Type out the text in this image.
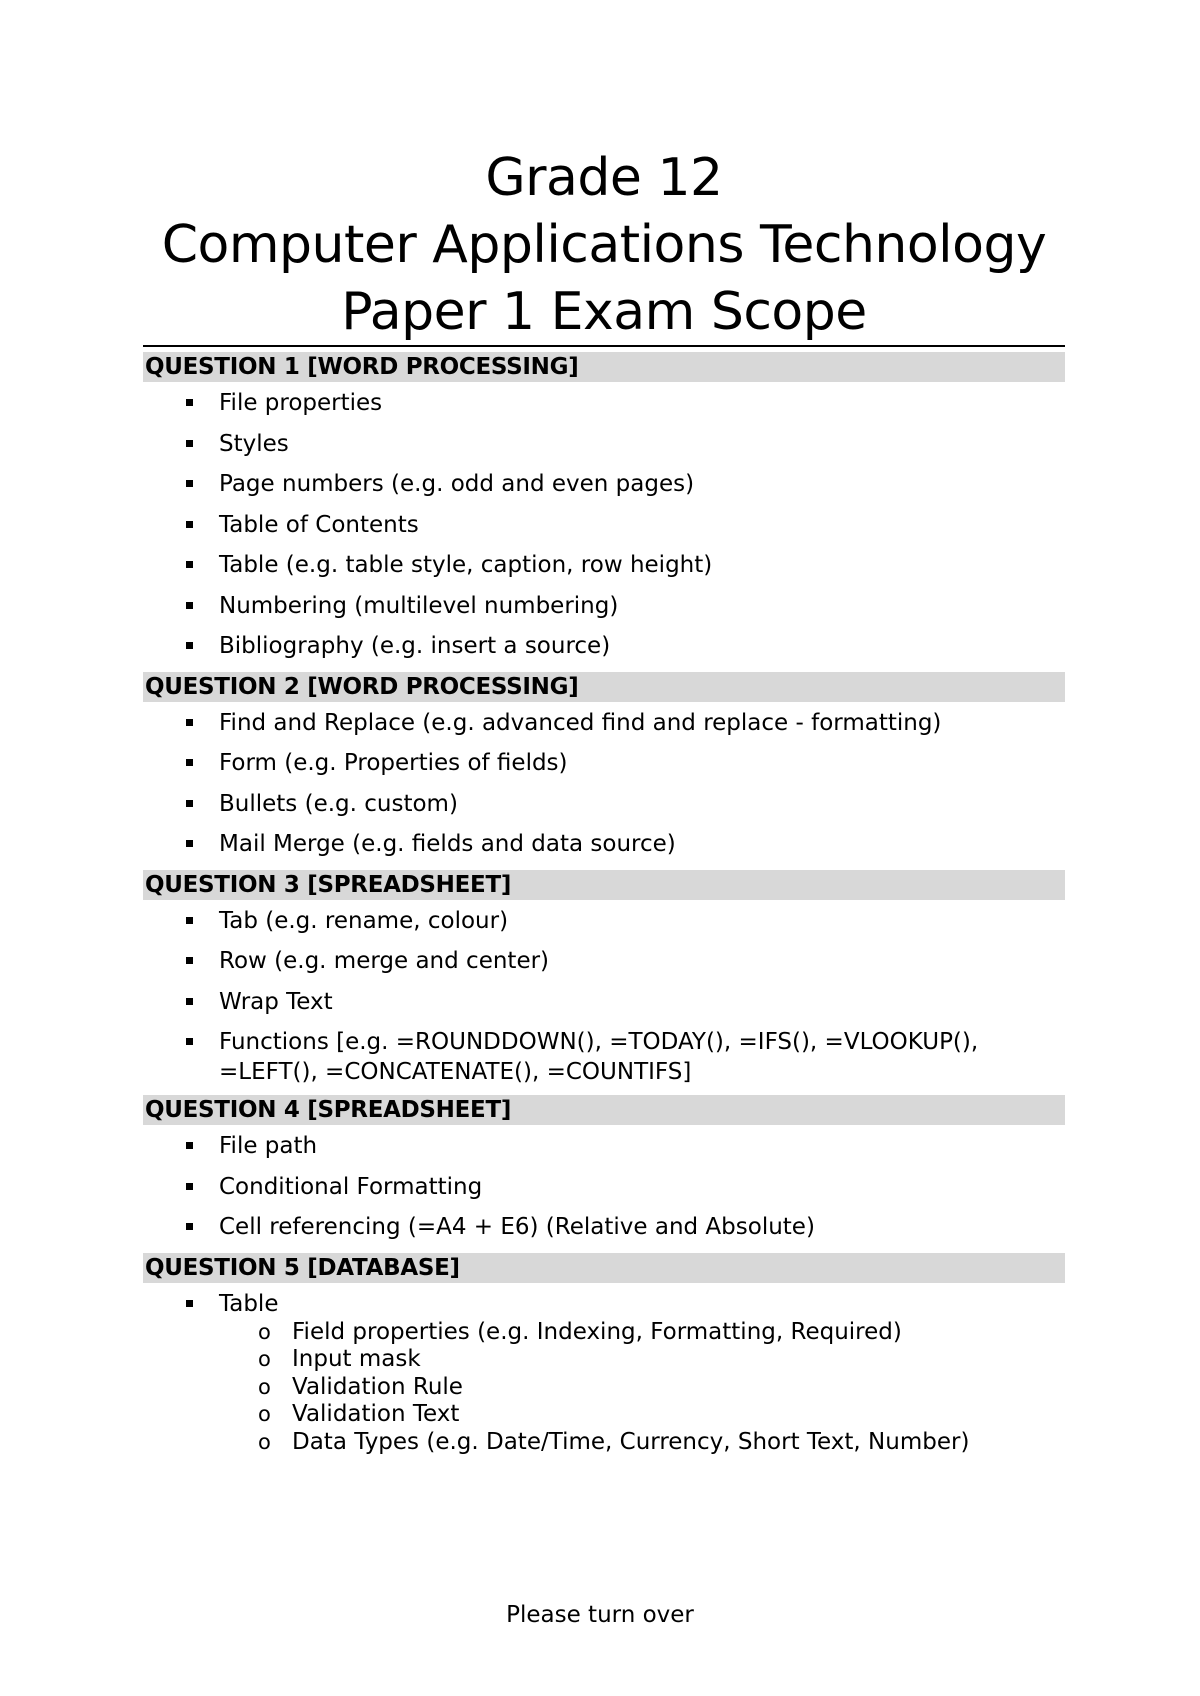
Grade 12
Computer Applications Technology
Paper 1 Exam Scope
QUESTION 1 [WORD PROCESSING]
File properties
Styles
Page numbers (e.g. odd and even pages)
Table of Contents
Table (e.g. table style, caption, row height)
Numbering (multilevel numbering)
Bibliography (e.g. insert a source)
QUESTION 2 [WORD PROCESSING]
Find and Replace (e.g. advanced find and replace - formatting)
Form (e.g. Properties of fields)
Bullets (e.g. custom)
Mail Merge (e.g. fields and data source)
QUESTION 3 [SPREADSHEET]
Tab (e.g. rename, colour)
Row (e.g. merge and center)
Wrap Text
Functions [e.g. =ROUNDDOWN(), =TODAY(), =IFS(), =VLOOKUP(), =LEFT(), =CONCATENATE(), =COUNTIFS]
QUESTION 4 [SPREADSHEET]
File path
Conditional Formatting
Cell referencing (=A4 + E6) (Relative and Absolute)
QUESTION 5 [DATABASE]
Table
o Field properties (e.g. Indexing, Formatting, Required)
o Input mask
o Validation Rule
o Validation Text
o Data Types (e.g. Date/Time, Currency, Short Text, Number)
Please turn over
